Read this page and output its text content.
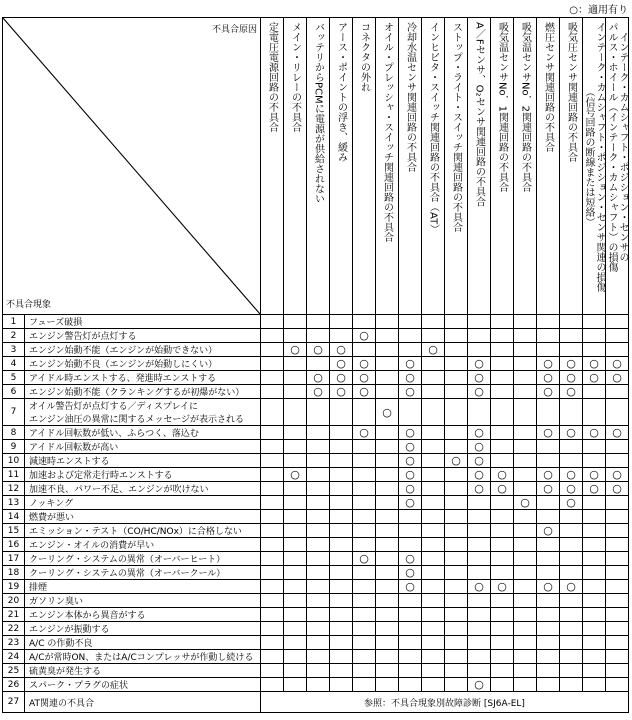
○：適用有り
不具合原因
不具合現象		定電圧電源回路の不具合	メイン・リレーの不具合	バッテリからPCMに電源が供給されない	アース・ポイントの浮き、緩み	コネクタの外れ	オイル・プレッシャ・スイッチ関連回路の不具合	冷却水温センサ関連回路の不具合	インヒビタ・スイッチ関連回路の不具合（AT）	ストップ・ライト・スイッチ関連回路の不具合	A／Fセンサ、O₂センサ関連回路の不具合	吸気温センサNo．1関連回路の不具合	吸気温センサNo．2関連回路の不具合	燃圧センサ関連回路の不具合	吸気圧センサ関連回路の不具合	インテーク・カムシャフト・ポジション・センサ関連の損傷
（信号回路の断線または短絡）	インテーク・カムシャフト・ポジション・センサの
パルス・ホイール（インテーク・カムシャフト）の損傷

1	フューズ破損																

2	エンジン警告灯が点灯する					○											
3	エンジン始動不能（エンジンが始動できない）		○	○	○				○								
4	エンジン始動不良（エンジンが始動しにくい）				○	○		○			○			○	○	○	○
5	アイドル時エンストする、発進時エンストする			○	○	○		○			○			○	○	○	○
6	エンジン始動不能（クランキングするが初爆がない）			○	○	○		○			○			○	○		
7	オイル警告灯が点灯する／ディスプレイに
エンジン油圧の異常に関するメッセージが表示される						○										
8	アイドル回転数が低い、ふらつく、落込む					○		○			○			○	○	○	○
9	アイドル回転数が高い							○			○						
10	減速時エンストする							○		○	○						
11	加速および定常走行時エンストする		○					○			○	○		○	○	○	○
12	加速不良、パワー不足、エンジンが吹けない							○			○	○		○	○	○	○
13	ノッキング							○					○		○		
14	燃費が悪い																

15	エミッション・テスト（CO/HC/NOx）に合格しない													○			
16	エンジン・オイルの消費が早い																

17	クーリング・システムの異常（オーバーヒート）					○		○									
18	クーリング・システムの異常（オーバークール）							○									
19	排煙							○			○	○		○	○		
20	ガソリン臭い																

21	エンジン本体から異音がする																

22	エンジンが振動する																

23	A/C の作動不良																

24	A/Cが常時ON、またはA/Cコンプレッサが作動し続ける																

25	硫黄臭が発生する																

26	スパーク・プラグの症状										○						
27	AT関連の不具合	参照：不具合現象別故障診断 [SJ6A-EL]															
